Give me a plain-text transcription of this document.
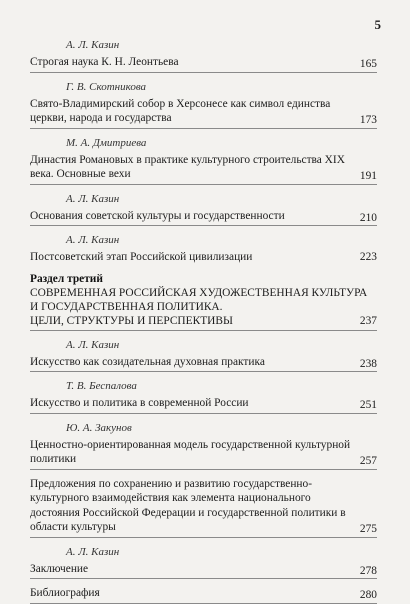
5
А. Л. Казин
Строгая наука К. Н. Леонтьева	165
Г. В. Скотникова
Свято-Владимирский собор в Херсонесе как символ единства церкви, народа и государства	173
М. А. Дмитриева
Династия Романовых в практике культурного строительства XIX века. Основные вехи	191
А. Л. Казин
Основания советской культуры и государственности	210
А. Л. Казин
Постсоветский этап Российской цивилизации	223
Раздел третий
СОВРЕМЕННАЯ РОССИЙСКАЯ ХУДОЖЕСТВЕННАЯ КУЛЬТУРА
И ГОСУДАРСТВЕННАЯ ПОЛИТИКА.
ЦЕЛИ, СТРУКТУРЫ И ПЕРСПЕКТИВЫ	237
А. Л. Казин
Искусство как созидательная духовная практика	238
Т. В. Беспалова
Искусство и политика в современной России	251
Ю. А. Закунов
Ценностно-ориентированная модель государственной культурной политики	257
Предложения по сохранению и развитию государственно-культурного взаимодействия как элемента национального достояния Российской Федерации и государственной политики в области культуры	275
А. Л. Казин
Заключение	278
Библиография	280
